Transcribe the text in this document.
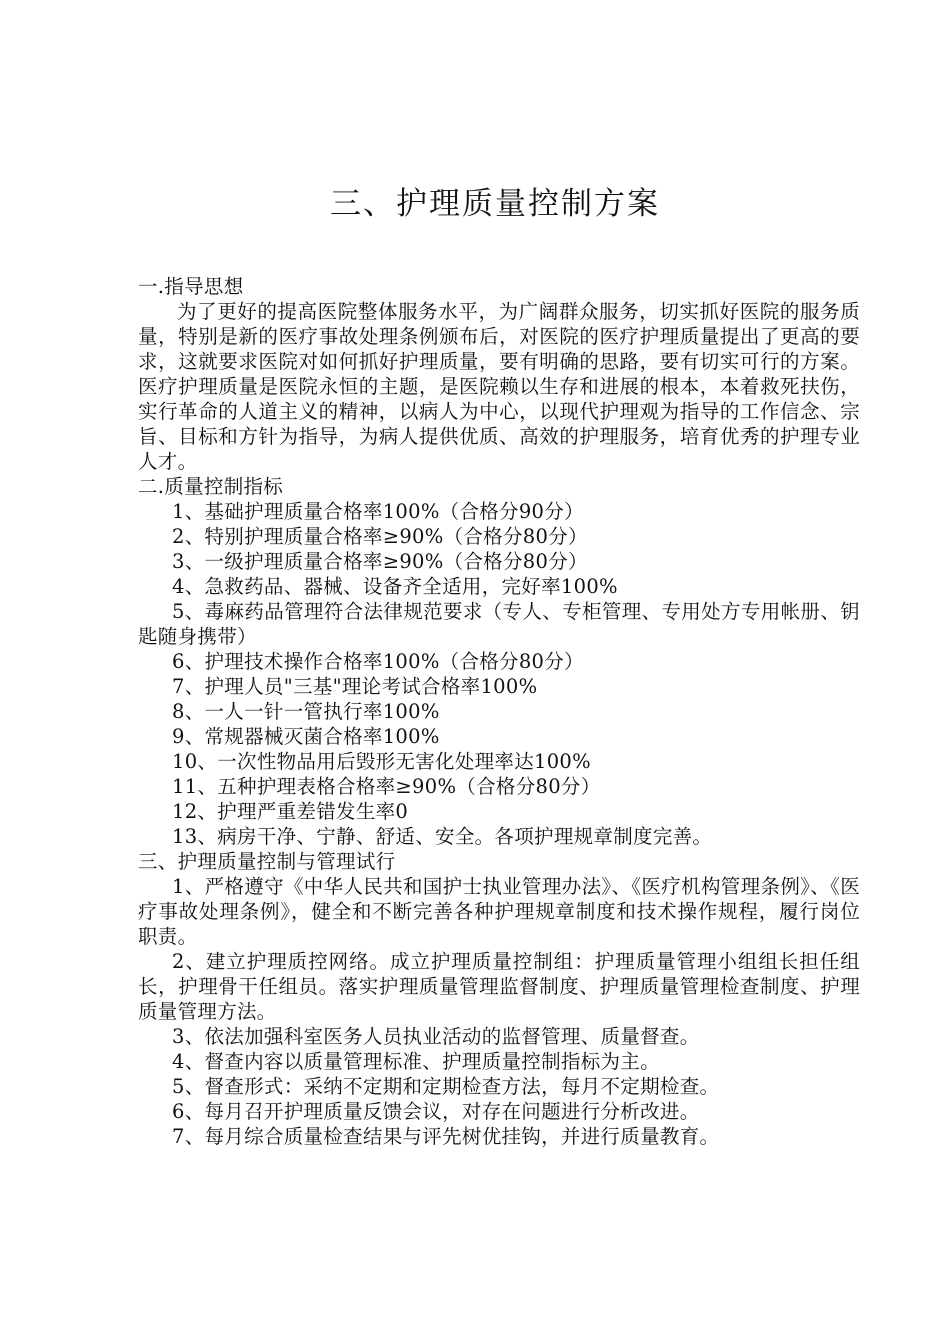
三、护理质量控制方案

一.指导思想

为了更好的提高医院整体服务水平，为广阔群众服务，切实抓好医院的服务质量，特别是新的医疗事故处理条例颁布后，对医院的医疗护理质量提出了更高的要求，这就要求医院对如何抓好护理质量，要有明确的思路，要有切实可行的方案。医疗护理质量是医院永恒的主题，是医院赖以生存和进展的根本，本着救死扶伤，实行革命的人道主义的精神，以病人为中心，以现代护理观为指导的工作信念、宗旨、目标和方针为指导，为病人提供优质、高效的护理服务，培育优秀的护理专业人才。

二.质量控制指标

1、基础护理质量合格率100%（合格分90分）

2、特别护理质量合格率≥90%（合格分80分）

3、一级护理质量合格率≥90%（合格分80分）

4、急救药品、器械、设备齐全适用，完好率100%

5、毒麻药品管理符合法律规范要求（专人、专柜管理、专用处方专用帐册、钥匙随身携带）

6、护理技术操作合格率100%（合格分80分）

7、护理人员"三基"理论考试合格率100%

8、一人一针一管执行率100%

9、常规器械灭菌合格率100%

10、一次性物品用后毁形无害化处理率达100%

11、五种护理表格合格率≥90%（合格分80分）

12、护理严重差错发生率0

13、病房干净、宁静、舒适、安全。各项护理规章制度完善。

三、护理质量控制与管理试行

1、严格遵守《中华人民共和国护士执业管理办法》、《医疗机构管理条例》、《医疗事故处理条例》，健全和不断完善各种护理规章制度和技术操作规程，履行岗位职责。

2、建立护理质控网络。成立护理质量控制组：护理质量管理小组组长担任组长，护理骨干任组员。落实护理质量管理监督制度、护理质量管理检查制度、护理质量管理方法。

3、依法加强科室医务人员执业活动的监督管理、质量督查。

4、督查内容以质量管理标准、护理质量控制指标为主。

5、督查形式：采纳不定期和定期检查方法，每月不定期检查。

6、每月召开护理质量反馈会议，对存在问题进行分析改进。

7、每月综合质量检查结果与评先树优挂钩，并进行质量教育。
